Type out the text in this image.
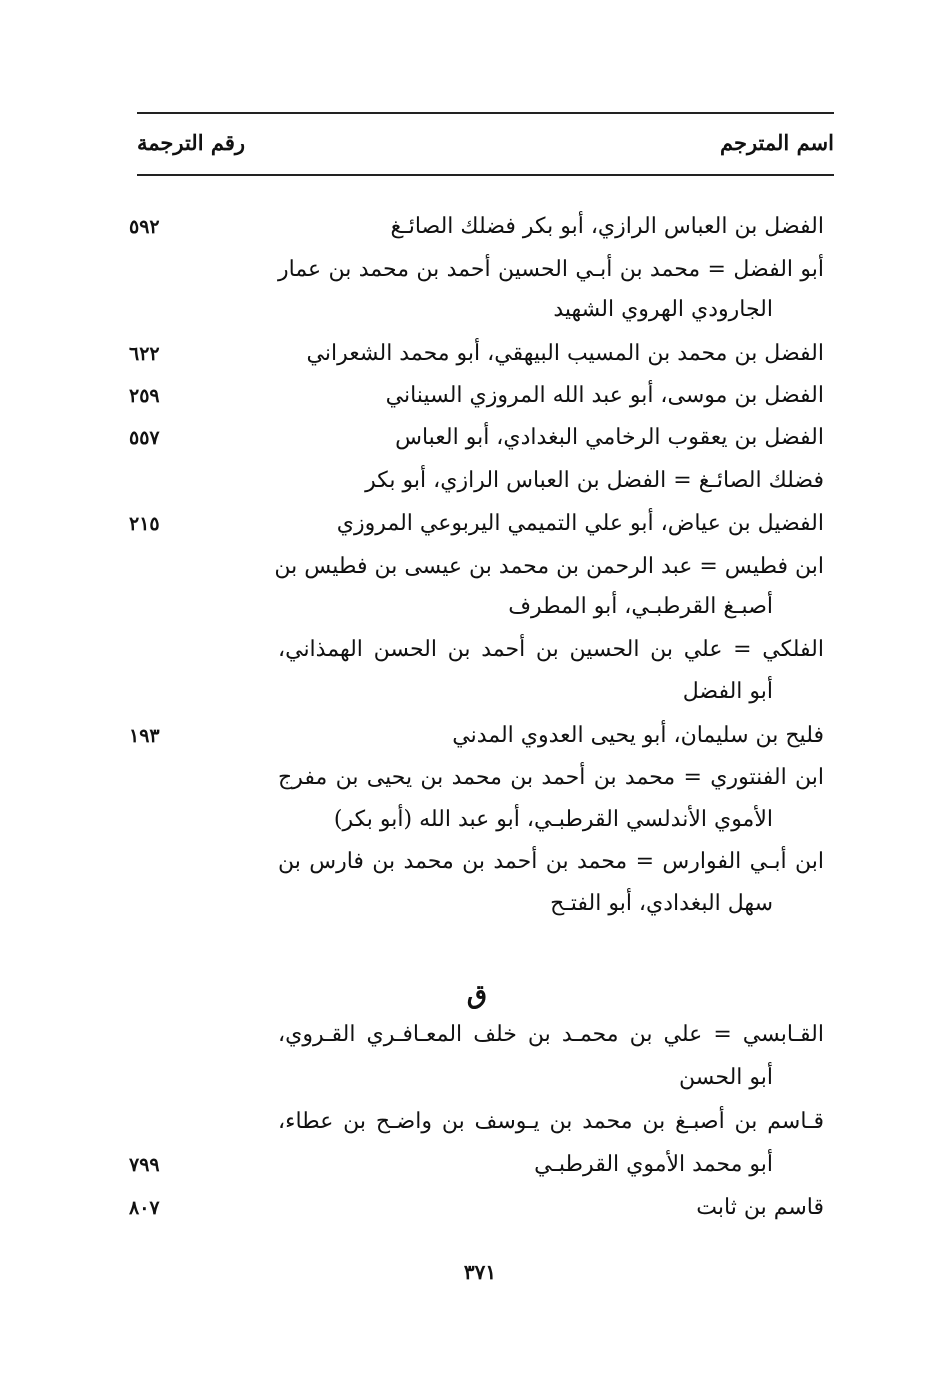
اسم المترجم
رقم الترجمة
الفضل بن العباس الرازي، أبو بكر فضلك الصائـغ
٥٩٢
أبو الفضل = محمد بن أبـي الحسين أحمد بن محمد بن عمار
الجارودي الهروي الشهيد
الفضل بن محمد بن المسيب البيهقي، أبو محمد الشعراني
٦٢٢
الفضل بن موسى، أبو عبد الله المروزي السيناني
٢٥٩
الفضل بن يعقوب الرخامي البغدادي، أبو العباس
٥٥٧
فضلك الصائـغ = الفضل بن العباس الرازي، أبو بكر
الفضيل بن عياض، أبو علي التميمي اليربوعي المروزي
٢١٥
ابن فطيس = عبد الرحمن بن محمد بن عيسى بن فطيس بن
أصبـغ القرطبـي، أبو المطرف
الفلكي = علي بن الحسين بن أحمد بن الحسن الهمذاني،
أبو الفضل
فليح بن سليمان، أبو يحيى العدوي المدني
١٩٣
ابن الفنتوري = محمد بن أحمد بن محمد بن يحيى بن مفرج
الأموي الأندلسي القرطبـي، أبو عبد الله (أبو بكر)
ابن أبـي الفوارس = محمد بن أحمد بن محمد بن فارس بن
سهل البغدادي، أبو الفتـح
ق
القـابسي = علي بن محمـد بن خلف المعـافـري القـروي،
أبو الحسن
قـاسم بن أصبـغ بن محمد بن يـوسف بن واضـح بن عطاء،
أبو محمد الأموي القرطبـي
٧٩٩
قاسم بن ثابت
٨٠٧
٣٧١
